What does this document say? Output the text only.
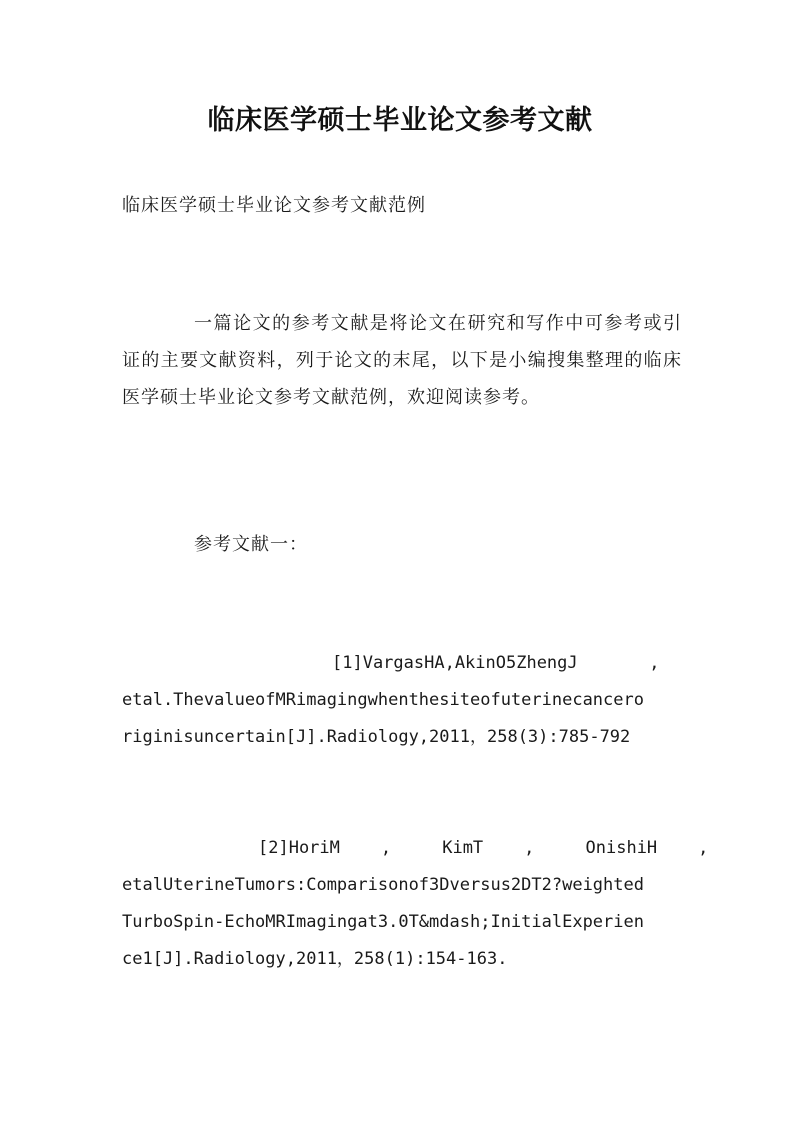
临床医学硕士毕业论文参考文献

临床医学硕士毕业论文参考文献范例

一篇论文的参考文献是将论文在研究和写作中可参考或引证的主要文献资料，列于论文的末尾，以下是小编搜集整理的临床医学硕士毕业论文参考文献范例，欢迎阅读参考。

参考文献一：

[1]VargasHA,AkinO5ZhengJ       ,
etal.ThevalueofMRimagingwhenthesiteofuterinecancero
riginisuncertain[J].Radiology,2011，258(3):785-792
[2]HoriM    ,     KimT    ,     OnishiH    ,
etalUterineTumors:Comparisonof3Dversus2DT2?weighted
TurboSpin-EchoMRImagingat3.0T&mdash;InitialExperien
ce1[J].Radiology,2011，258(1):154-163.
